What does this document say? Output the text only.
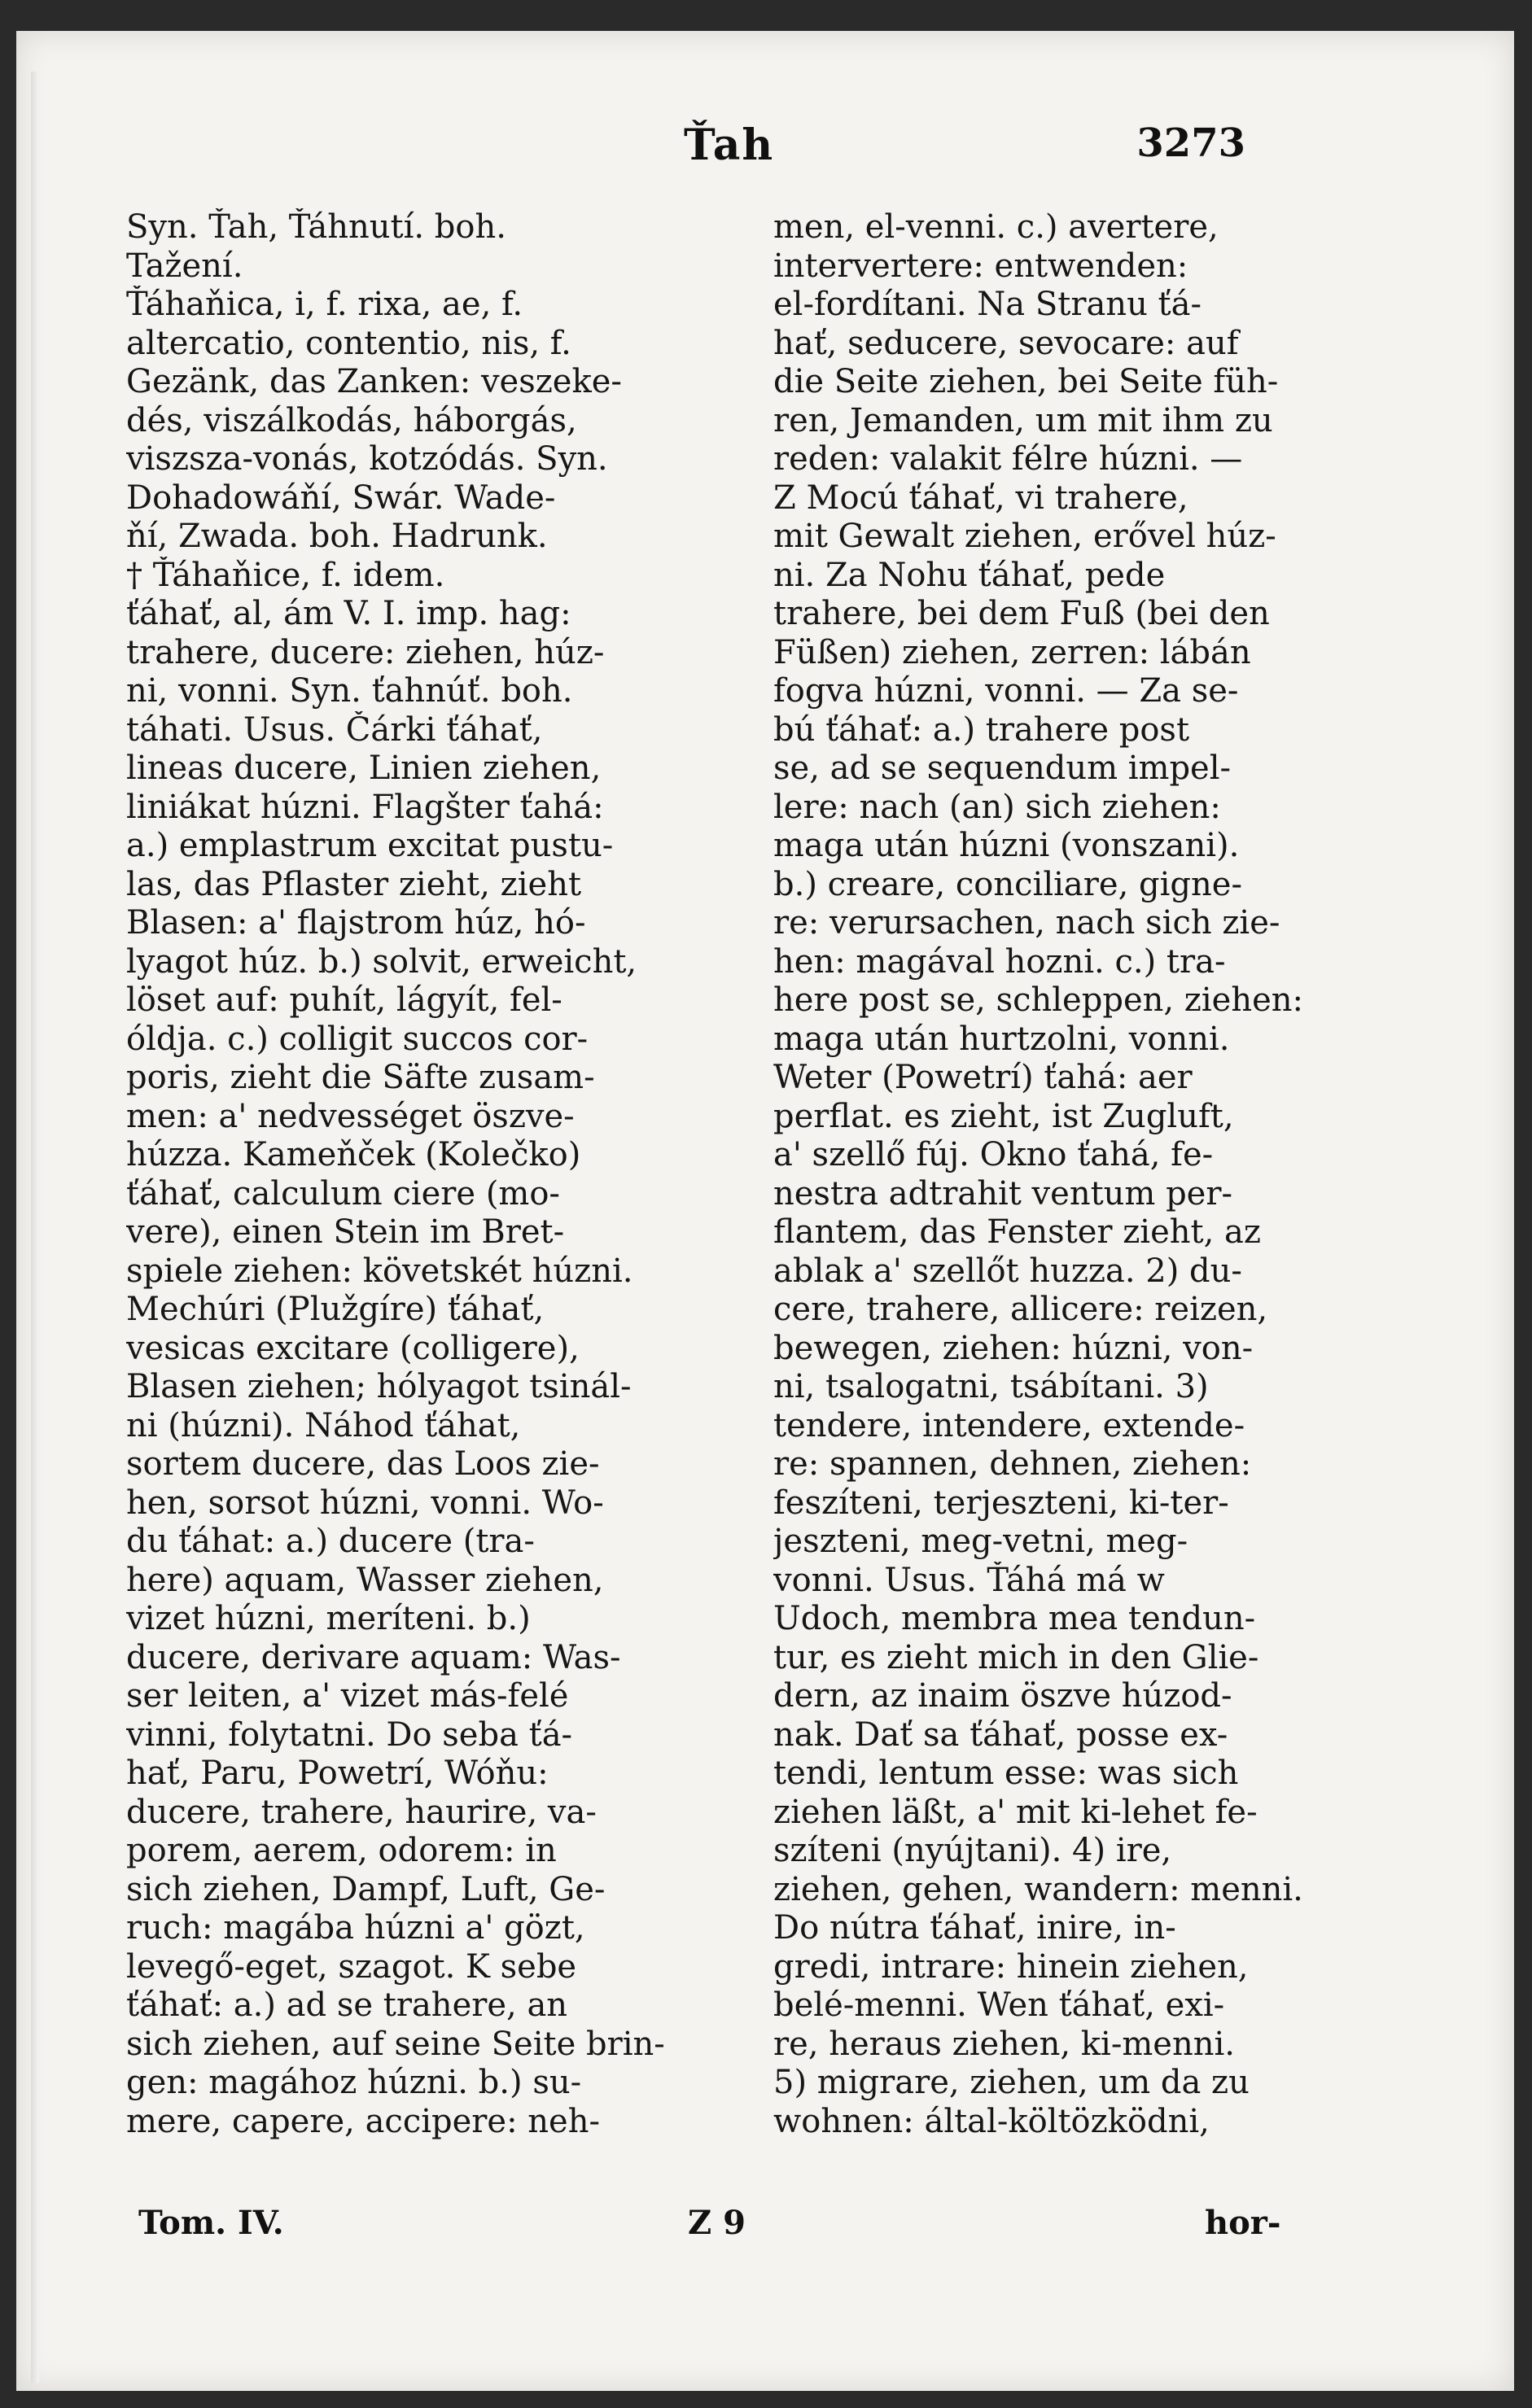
Ťah	3273
Syn. Ťah, Ťáhnutí. boh.
Tažení.
Ťáhaňica, i, f. rixa, ae, f.
altercatio, contentio, nis, f.
Gezänk, das Zanken: veszeke-
dés, viszálkodás, háborgás,
viszsza-vonás, kotzódás. Syn.
Dohadowáňí, Swár. Wade-
ňí, Zwada. boh. Hadrunk.
† Ťáhaňice, f. idem.
ťáhať, al, ám V. I. imp. hag:
trahere, ducere: ziehen, húz-
ni, vonni. Syn. ťahnúť. boh.
táhati. Usus. Čárki ťáhať,
lineas ducere, Linien ziehen,
liniákat húzni. Flagšter ťahá:
a.) emplastrum excitat pustu-
las, das Pflaster zieht, zieht
Blasen: a' flajstrom húz, hó-
lyagot húz. b.) solvit, erweicht,
löset auf: puhít, lágyít, fel-
óldja. c.) colligit succos cor-
poris, zieht die Säfte zusam-
men: a' nedvességet öszve-
húzza. Kameňček (Kolečko)
ťáhať, calculum ciere (mo-
vere), einen Stein im Bret-
spiele ziehen: követskét húzni.
Mechúri (Plužgíre) ťáhať,
vesicas excitare (colligere),
Blasen ziehen; hólyagot tsinál-
ni (húzni). Náhod ťáhat,
sortem ducere, das Loos zie-
hen, sorsot húzni, vonni. Wo-
du ťáhat: a.) ducere (tra-
here) aquam, Wasser ziehen,
vizet húzni, meríteni. b.)
ducere, derivare aquam: Was-
ser leiten, a' vizet más-felé
vinni, folytatni. Do seba ťá-
hať, Paru, Powetrí, Wóňu:
ducere, trahere, haurire, va-
porem, aerem, odorem: in
sich ziehen, Dampf, Luft, Ge-
ruch: magába húzni a' gözt,
levegő-eget, szagot. K sebe
ťáhať: a.) ad se trahere, an
sich ziehen, auf seine Seite brin-
gen: magához húzni. b.) su-
mere, capere, accipere: neh-
men, el-venni. c.) avertere,
intervertere: entwenden:
el-fordítani. Na Stranu ťá-
hať, seducere, sevocare: auf
die Seite ziehen, bei Seite füh-
ren, Jemanden, um mit ihm zu
reden: valakit félre húzni. —
Z Mocú ťáhať, vi trahere,
mit Gewalt ziehen, erővel húz-
ni. Za Nohu ťáhať, pede
trahere, bei dem Fuß (bei den
Füßen) ziehen, zerren: lábán
fogva húzni, vonni. — Za se-
bú ťáhať: a.) trahere post
se, ad se sequendum impel-
lere: nach (an) sich ziehen:
maga után húzni (vonszani).
b.) creare, conciliare, gigne-
re: verursachen, nach sich zie-
hen: magával hozni. c.) tra-
here post se, schleppen, ziehen:
maga után hurtzolni, vonni.
Weter (Powetrí) ťahá: aer
perflat. es zieht, ist Zugluft,
a' szellő fúj. Okno ťahá, fe-
nestra adtrahit ventum per-
flantem, das Fenster zieht, az
ablak a' szellőt huzza. 2) du-
cere, trahere, allicere: reizen,
bewegen, ziehen: húzni, von-
ni, tsalogatni, tsábítani. 3)
tendere, intendere, extende-
re: spannen, dehnen, ziehen:
feszíteni, terjeszteni, ki-ter-
jeszteni, meg-vetni, meg-
vonni. Usus. Ťáhá má w
Udoch, membra mea tendun-
tur, es zieht mich in den Glie-
dern, az inaim öszve húzod-
nak. Dať sa ťáhať, posse ex-
tendi, lentum esse: was sich
ziehen läßt, a' mit ki-lehet fe-
szíteni (nyújtani). 4) ire,
ziehen, gehen, wandern: menni.
Do nútra ťáhať, inire, in-
gredi, intrare: hinein ziehen,
belé-menni. Wen ťáhať, exi-
re, heraus ziehen, ki-menni.
5) migrare, ziehen, um da zu
wohnen: által-költözködni,
Tom. IV.	Z 9	hor-
